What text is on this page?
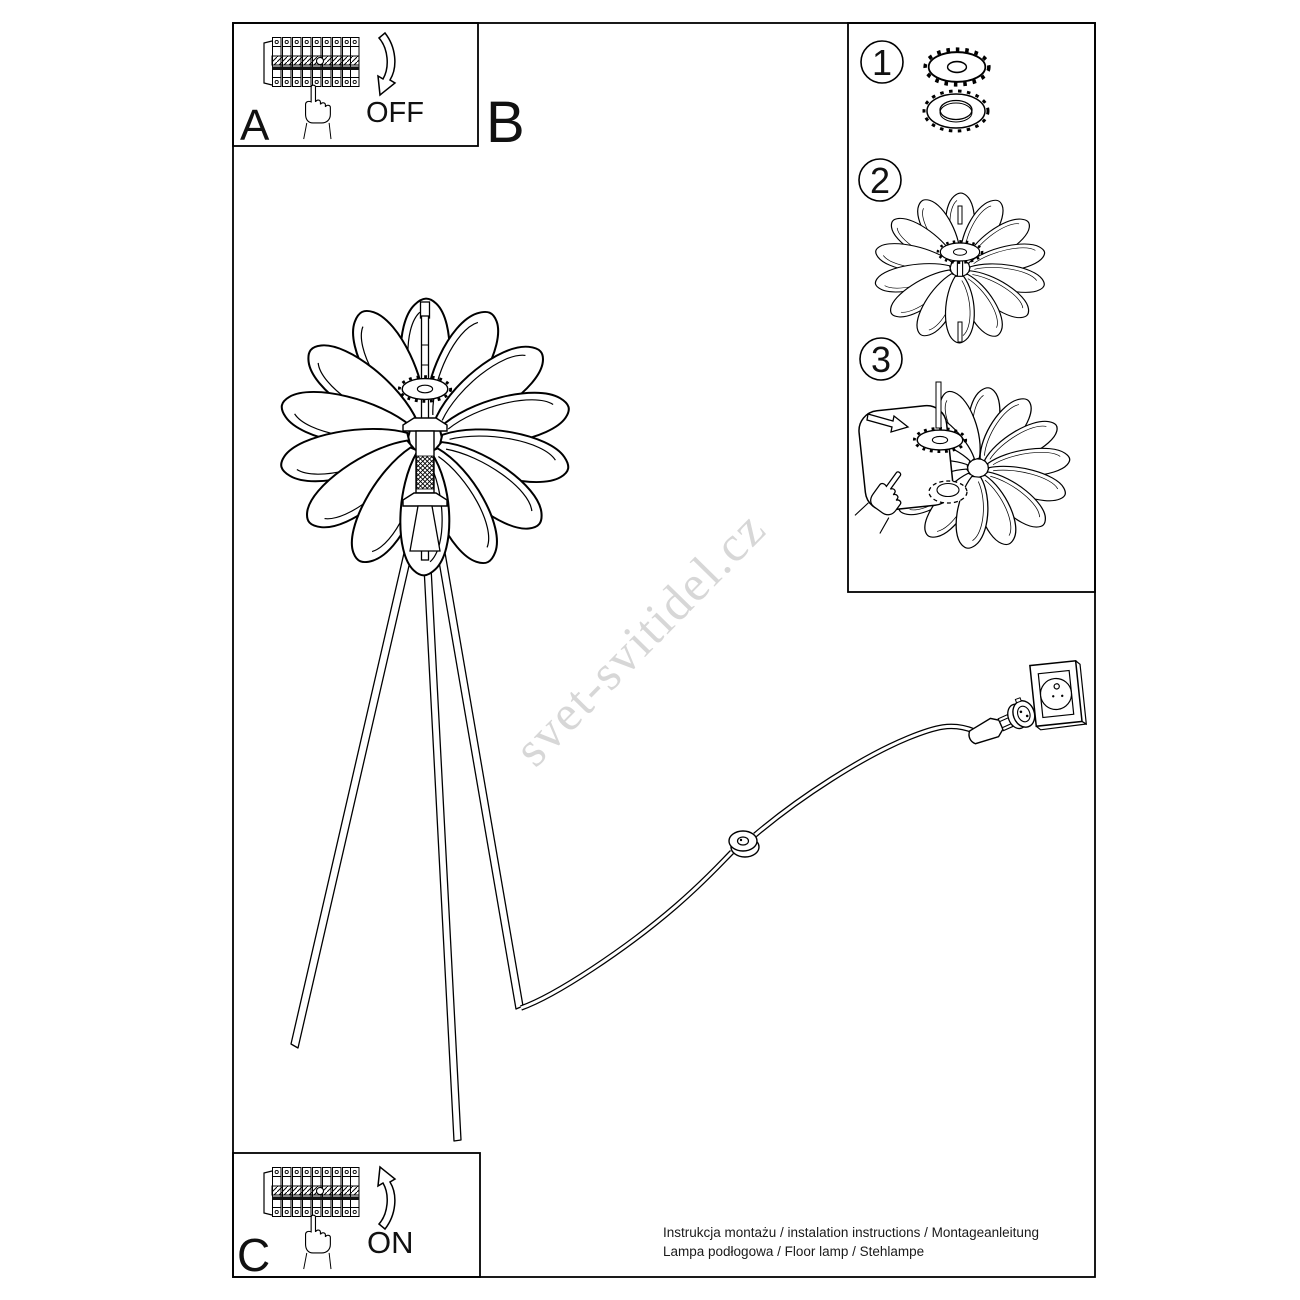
svet-svitidel.cz
A	B
C
OFF
ON
1
2
3
Instrukcja montażu / instalation instructions / Montageanleitung
Lampa podłogowa / Floor lamp / Stehlampe
